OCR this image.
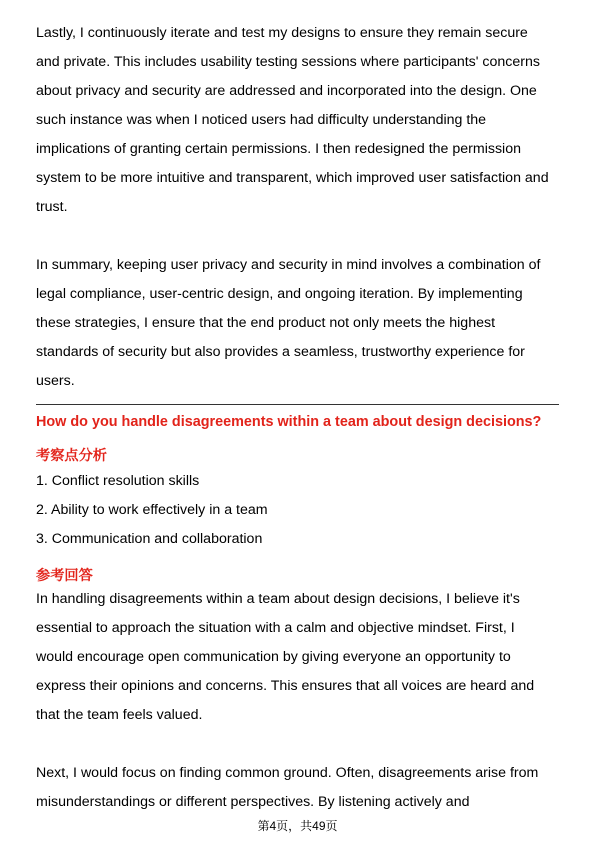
Lastly, I continuously iterate and test my designs to ensure they remain secure
and private. This includes usability testing sessions where participants' concerns
about privacy and security are addressed and incorporated into the design. One
such instance was when I noticed users had difficulty understanding the
implications of granting certain permissions. I then redesigned the permission
system to be more intuitive and transparent, which improved user satisfaction and
trust.
In summary, keeping user privacy and security in mind involves a combination of
legal compliance, user-centric design, and ongoing iteration. By implementing
these strategies, I ensure that the end product not only meets the highest
standards of security but also provides a seamless, trustworthy experience for
users.
How do you handle disagreements within a team about design decisions?
考察点分析
1. Conflict resolution skills
2. Ability to work effectively in a team
3. Communication and collaboration
参考回答
In handling disagreements within a team about design decisions, I believe it's
essential to approach the situation with a calm and objective mindset. First, I
would encourage open communication by giving everyone an opportunity to
express their opinions and concerns. This ensures that all voices are heard and
that the team feels valued.
Next, I would focus on finding common ground. Often, disagreements arise from
misunderstandings or different perspectives. By listening actively and
第4页，共49页
